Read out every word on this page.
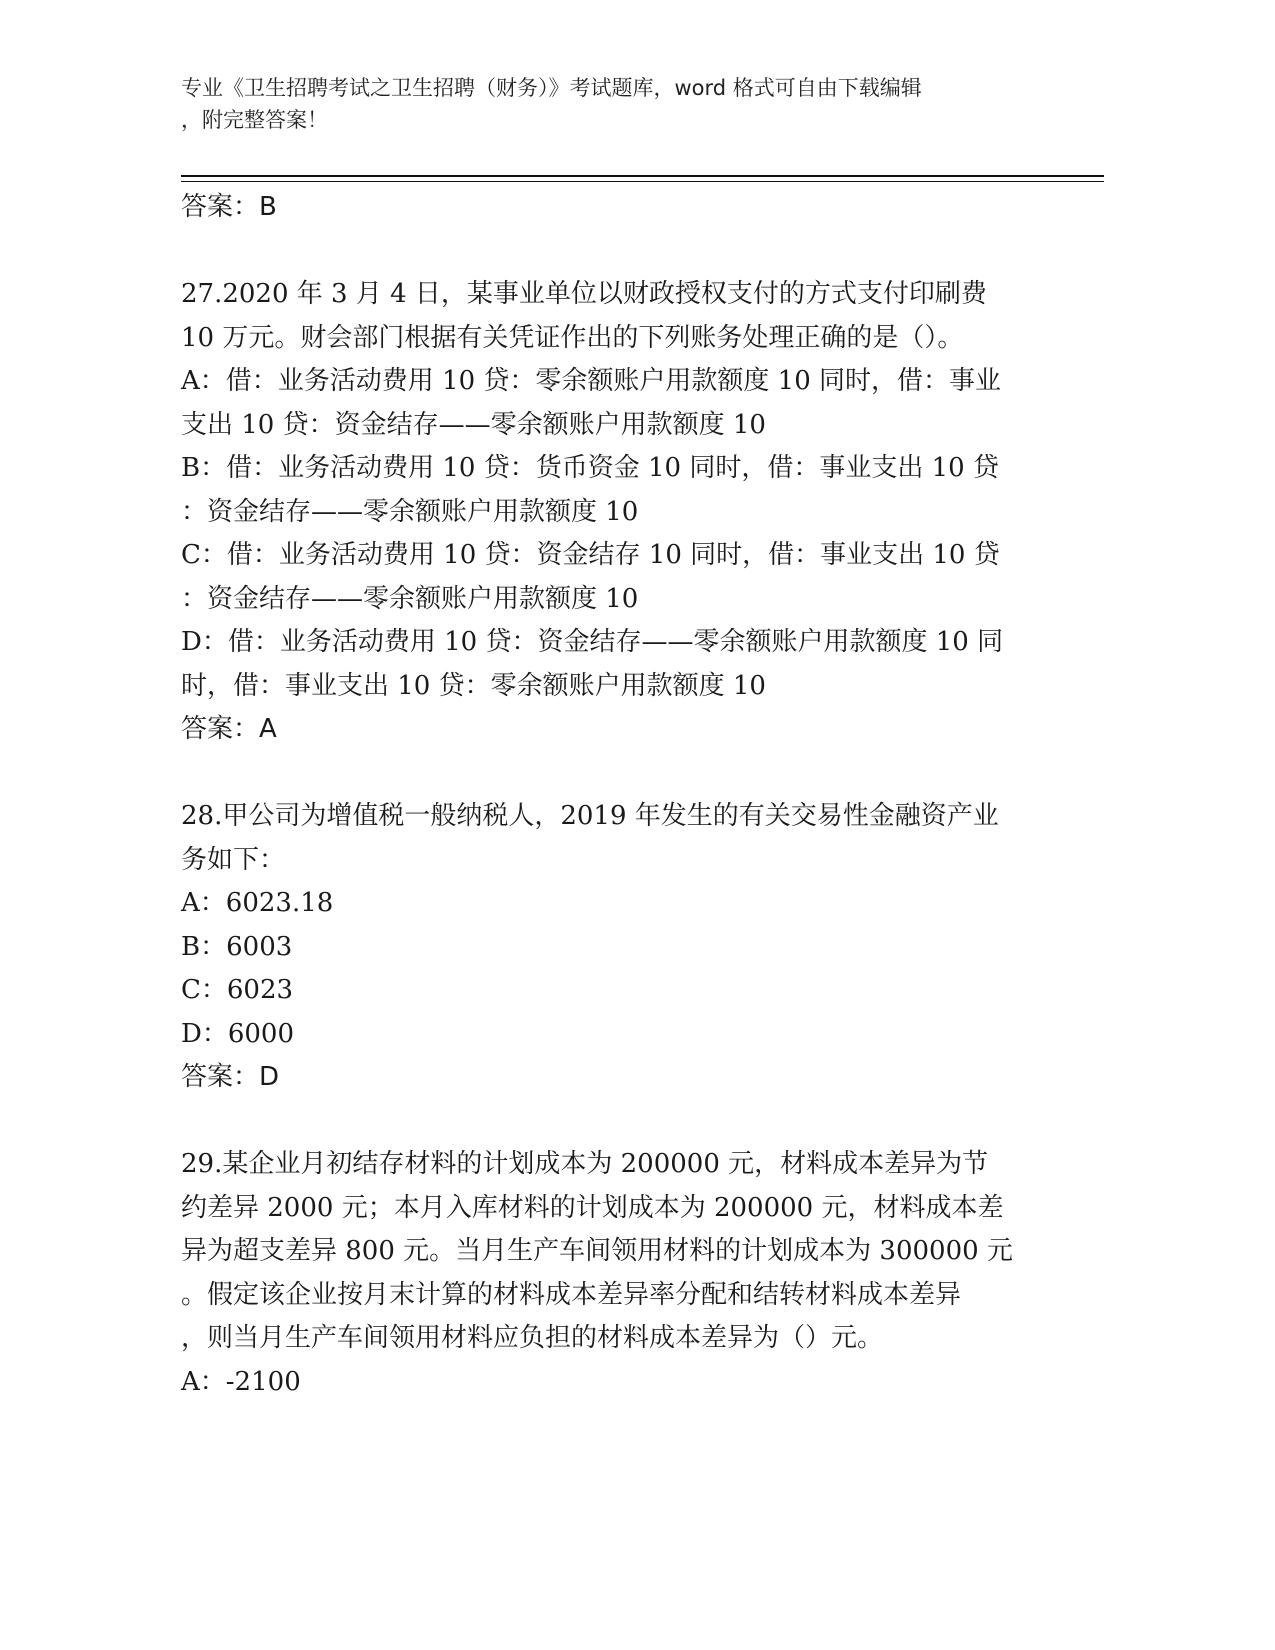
专业《卫生招聘考试之卫生招聘（财务）》考试题库，word 格式可自由下载编辑
，附完整答案！
答案：B
27.2020 年 3 月 4 日，某事业单位以财政授权支付的方式支付印刷费
10 万元。财会部门根据有关凭证作出的下列账务处理正确的是（）。
A：借：业务活动费用 10 贷：零余额账户用款额度 10 同时，借：事业
支出 10 贷：资金结存——零余额账户用款额度 10
B：借：业务活动费用 10 贷：货币资金 10 同时，借：事业支出 10 贷
：资金结存——零余额账户用款额度 10
C：借：业务活动费用 10 贷：资金结存 10 同时，借：事业支出 10 贷
：资金结存——零余额账户用款额度 10
D：借：业务活动费用 10 贷：资金结存——零余额账户用款额度 10 同
时，借：事业支出 10 贷：零余额账户用款额度 10
答案：A
28.甲公司为增值税一般纳税人，2019 年发生的有关交易性金融资产业
务如下：
A：6023.18
B：6003
C：6023
D：6000
答案：D
29.某企业月初结存材料的计划成本为 200000 元，材料成本差异为节
约差异 2000 元；本月入库材料的计划成本为 200000 元，材料成本差
异为超支差异 800 元。当月生产车间领用材料的计划成本为 300000 元
。假定该企业按月末计算的材料成本差异率分配和结转材料成本差异
，则当月生产车间领用材料应负担的材料成本差异为（）元。
A：-2100
